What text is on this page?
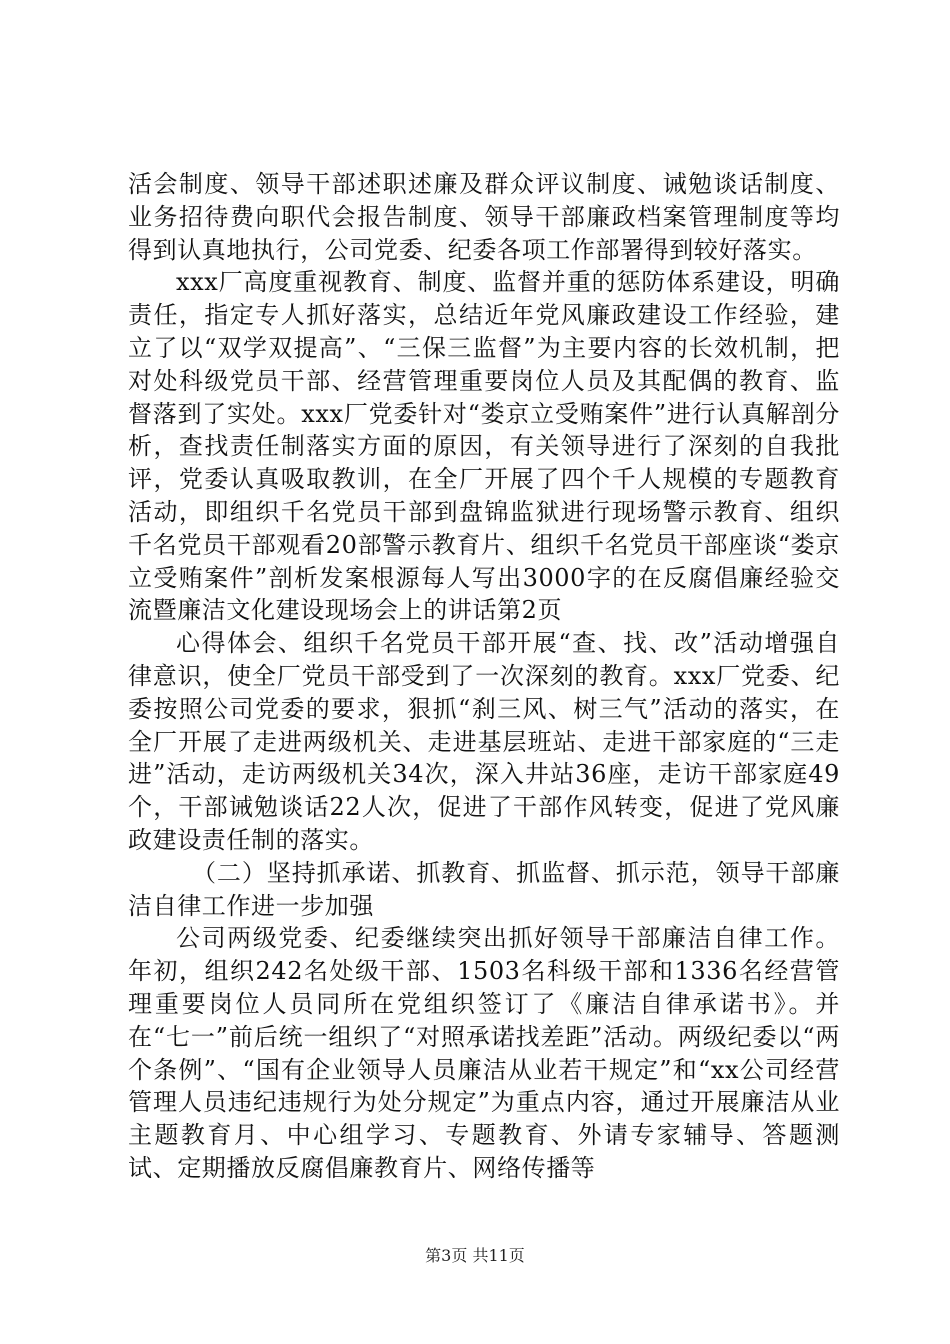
活会制度、领导干部述职述廉及群众评议制度、诫勉谈话制度、业务招待费向职代会报告制度、领导干部廉政档案管理制度等均得到认真地执行，公司党委、纪委各项工作部署得到较好落实。

xxx厂高度重视教育、制度、监督并重的惩防体系建设，明确责任，指定专人抓好落实，总结近年党风廉政建设工作经验，建立了以“双学双提高”、“三保三监督”为主要内容的长效机制，把对处科级党员干部、经营管理重要岗位人员及其配偶的教育、监督落到了实处。xxx厂党委针对“娄京立受贿案件”进行认真解剖分析，查找责任制落实方面的原因，有关领导进行了深刻的自我批评，党委认真吸取教训，在全厂开展了四个千人规模的专题教育活动，即组织千名党员干部到盘锦监狱进行现场警示教育、组织千名党员干部观看20部警示教育片、组织千名党员干部座谈“娄京立受贿案件”剖析发案根源每人写出3000字的在反腐倡廉经验交流暨廉洁文化建设现场会上的讲话第2页

心得体会、组织千名党员干部开展“查、找、改”活动增强自律意识，使全厂党员干部受到了一次深刻的教育。xxx厂党委、纪委按照公司党委的要求，狠抓“刹三风、树三气”活动的落实，在全厂开展了走进两级机关、走进基层班站、走进干部家庭的“三走进”活动，走访两级机关34次，深入井站36座，走访干部家庭49个，干部诫勉谈话22人次，促进了干部作风转变，促进了党风廉政建设责任制的落实。

（二）坚持抓承诺、抓教育、抓监督、抓示范，领导干部廉洁自律工作进一步加强

公司两级党委、纪委继续突出抓好领导干部廉洁自律工作。年初，组织242名处级干部、1503名科级干部和1336名经营管理重要岗位人员同所在党组织签订了《廉洁自律承诺书》。并在“七一”前后统一组织了“对照承诺找差距”活动。两级纪委以“两个条例”、“国有企业领导人员廉洁从业若干规定”和“xx公司经营管理人员违纪违规行为处分规定”为重点内容，通过开展廉洁从业主题教育月、中心组学习、专题教育、外请专家辅导、答题测试、定期播放反腐倡廉教育片、网络传播等

第3页 共11页
